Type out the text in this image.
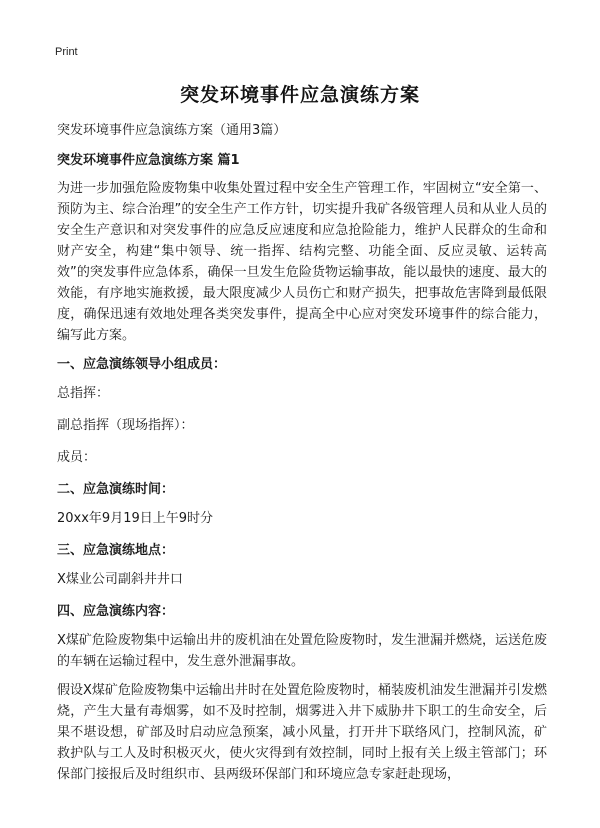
Print
突发环境事件应急演练方案

突发环境事件应急演练方案（通用3篇）

突发环境事件应急演练方案 篇1

为进一步加强危险废物集中收集处置过程中安全生产管理工作，牢固树立“安全第一、预防为主、综合治理”的安全生产工作方针，切实提升我矿各级管理人员和从业人员的安全生产意识和对突发事件的应急反应速度和应急抢险能力，维护人民群众的生命和财产安全，构建“集中领导、统一指挥、结构完整、功能全面、反应灵敏、运转高效”的突发事件应急体系，确保一旦发生危险货物运输事故，能以最快的速度、最大的效能，有序地实施救援，最大限度减少人员伤亡和财产损失，把事故危害降到最低限度，确保迅速有效地处理各类突发事件，提高全中心应对突发环境事件的综合能力，编写此方案。

一、应急演练领导小组成员：

总指挥：

副总指挥（现场指挥）：

成员：

二、应急演练时间：

20xx年9月19日上午9时分

三、应急演练地点：

X煤业公司副斜井井口

四、应急演练内容：

X煤矿危险废物集中运输出井的废机油在处置危险废物时，发生泄漏并燃烧，运送危废的车辆在运输过程中，发生意外泄漏事故。

假设X煤矿危险废物集中运输出井时在处置危险废物时，桶装废机油发生泄漏并引发燃烧，产生大量有毒烟雾，如不及时控制，烟雾进入井下威胁井下职工的生命安全，后果不堪设想，矿部及时启动应急预案，减小风量，打开井下联络风门，控制风流，矿救护队与工人及时积极灭火，使火灾得到有效控制，同时上报有关上级主管部门；环保部门接报后及时组织市、县两级环保部门和环境应急专家赶赴现场，
